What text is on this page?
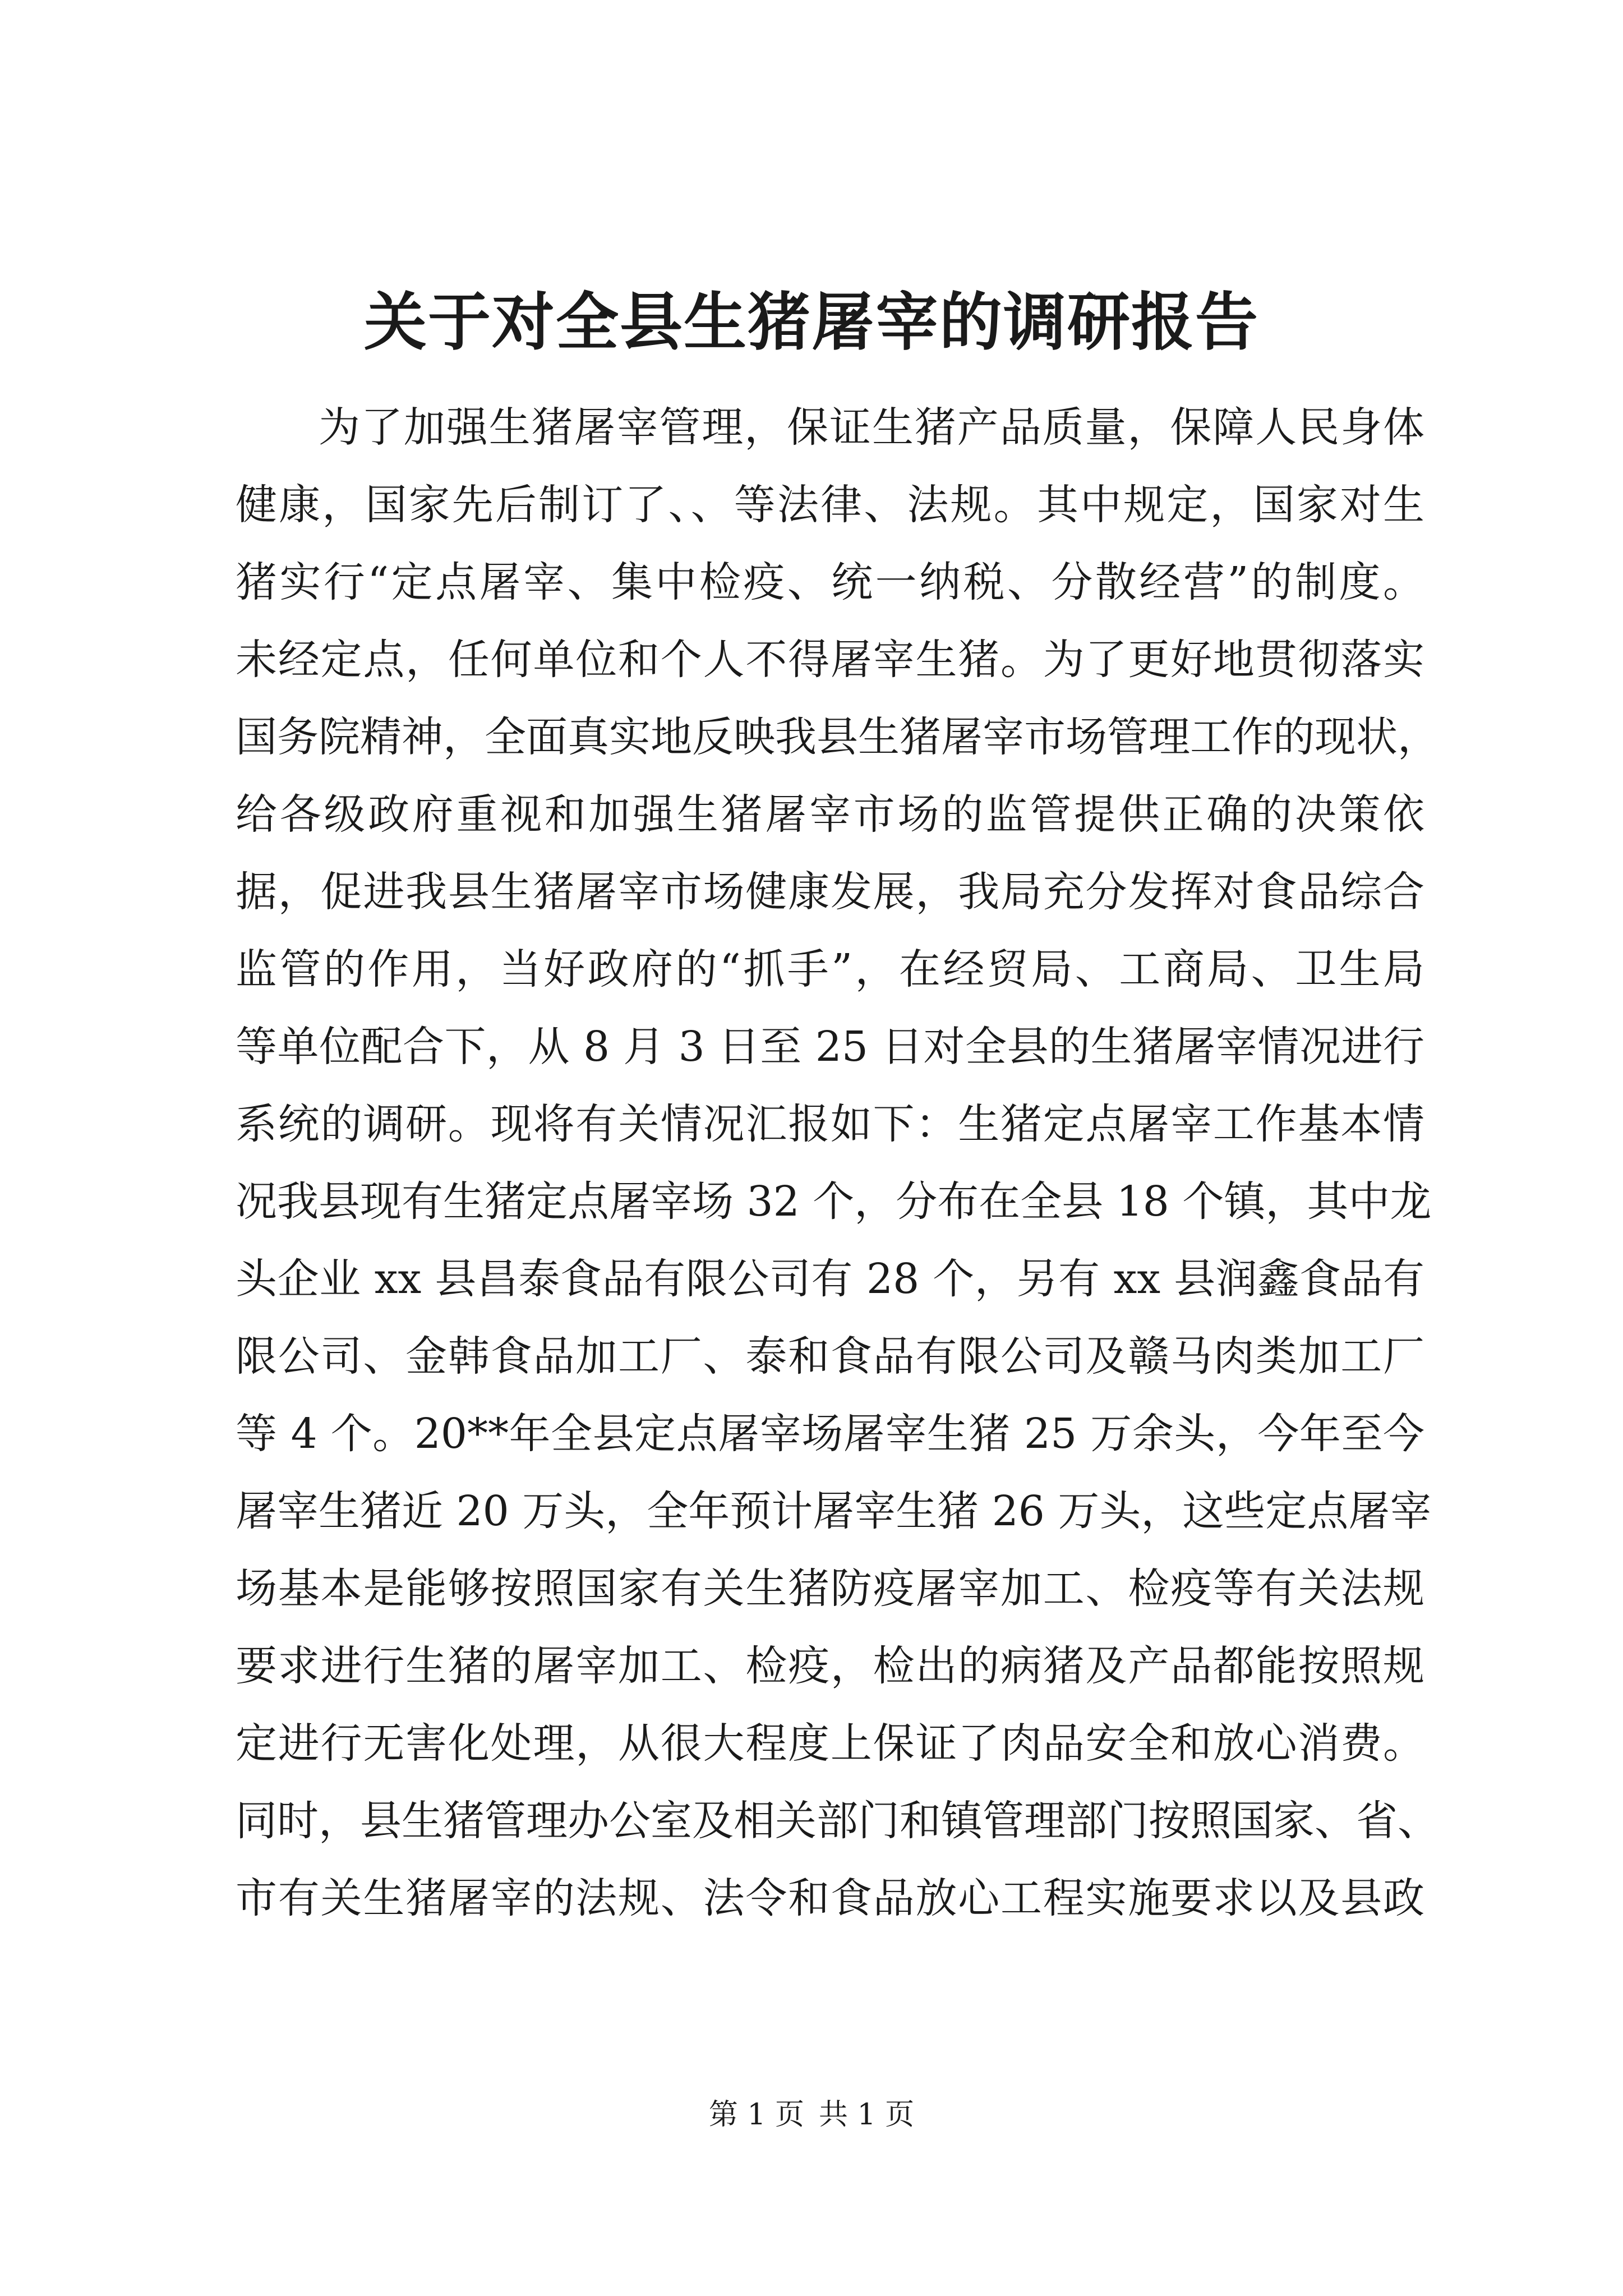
关于对全县生猪屠宰的调研报告
为了加强生猪屠宰管理，保证生猪产品质量，保障人民身体
健康，国家先后制订了、、等法律、法规。其中规定，国家对生
猪实行“定点屠宰、集中检疫、统一纳税、分散经营”的制度。
未经定点，任何单位和个人不得屠宰生猪。为了更好地贯彻落实
国务院精神，全面真实地反映我县生猪屠宰市场管理工作的现状，
给各级政府重视和加强生猪屠宰市场的监管提供正确的决策依
据，促进我县生猪屠宰市场健康发展，我局充分发挥对食品综合
监管的作用，当好政府的“抓手”，在经贸局、工商局、卫生局
等单位配合下，从 8 月 3 日至 25 日对全县的生猪屠宰情况进行
系统的调研。现将有关情况汇报如下：生猪定点屠宰工作基本情
况我县现有生猪定点屠宰场 32 个，分布在全县 18 个镇，其中龙
头企业 xx 县昌泰食品有限公司有 28 个，另有 xx 县润鑫食品有
限公司、金韩食品加工厂、泰和食品有限公司及赣马肉类加工厂
等 4 个。20**年全县定点屠宰场屠宰生猪 25 万余头，今年至今
屠宰生猪近 20 万头，全年预计屠宰生猪 26 万头，这些定点屠宰
场基本是能够按照国家有关生猪防疫屠宰加工、检疫等有关法规
要求进行生猪的屠宰加工、检疫，检出的病猪及产品都能按照规
定进行无害化处理，从很大程度上保证了肉品安全和放心消费。
同时，县生猪管理办公室及相关部门和镇管理部门按照国家、省、
市有关生猪屠宰的法规、法令和食品放心工程实施要求以及县政
第 1 页 共 1 页
